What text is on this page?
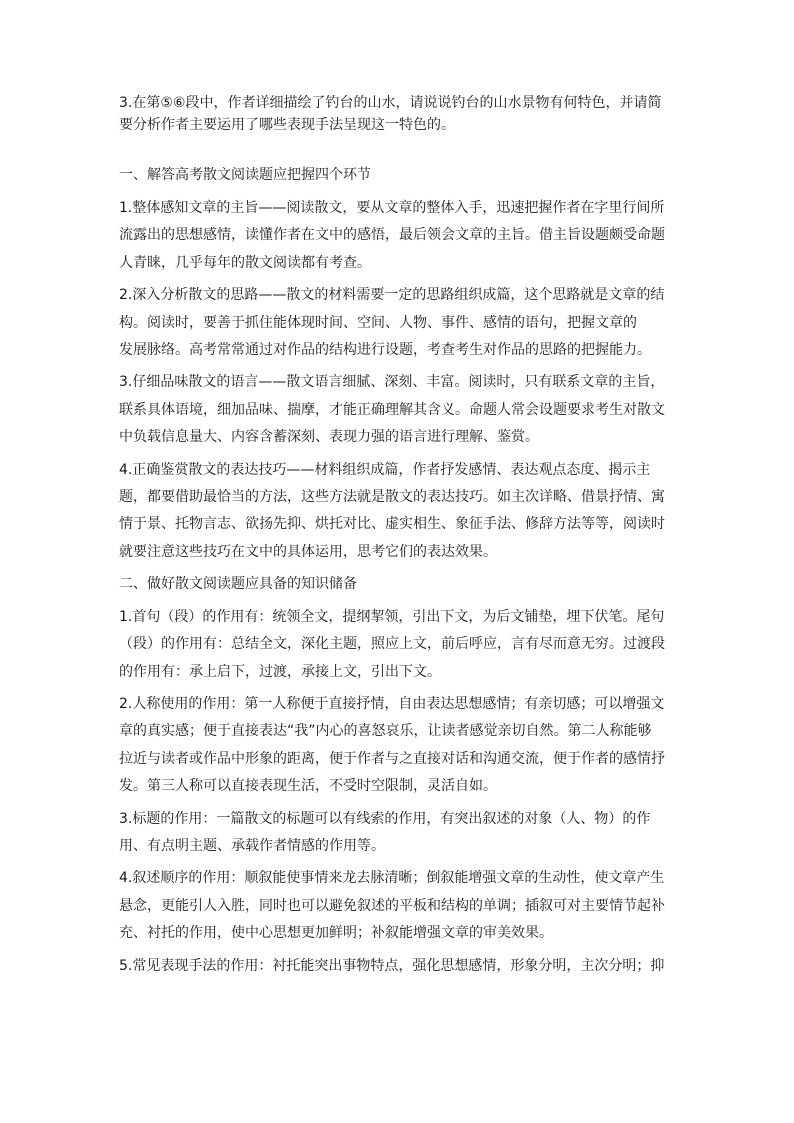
3.在第⑤⑥段中，作者详细描绘了钓台的山水，请说说钓台的山水景物有何特色，并请简
要分析作者主要运用了哪些表现手法呈现这一特色的。

一、解答高考散文阅读题应把握四个环节

1.整体感知文章的主旨——阅读散文，要从文章的整体入手，迅速把握作者在字里行间所
流露出的思想感情，读懂作者在文中的感悟，最后领会文章的主旨。借主旨设题颇受命题
人青睐，几乎每年的散文阅读都有考查。

2.深入分析散文的思路——散文的材料需要一定的思路组织成篇，这个思路就是文章的结
构。阅读时，要善于抓住能体现时间、空间、人物、事件、感情的语句，把握文章的
发展脉络。高考常常通过对作品的结构进行设题，考查考生对作品的思路的把握能力。

3.仔细品味散文的语言——散文语言细腻、深刻、丰富。阅读时，只有联系文章的主旨，
联系具体语境，细加品味、揣摩，才能正确理解其含义。命题人常会设题要求考生对散文
中负载信息量大、内容含蓄深刻、表现力强的语言进行理解、鉴赏。

4.正确鉴赏散文的表达技巧——材料组织成篇，作者抒发感情、表达观点态度、揭示主
题，都要借助最恰当的方法，这些方法就是散文的表达技巧。如主次详略、借景抒情、寓
情于景、托物言志、欲扬先抑、烘托对比、虚实相生、象征手法、修辞方法等等，阅读时
就要注意这些技巧在文中的具体运用，思考它们的表达效果。

二、做好散文阅读题应具备的知识储备

1.首句（段）的作用有：统领全文，提纲挈领，引出下文，为后文铺垫，埋下伏笔。尾句
（段）的作用有：总结全文，深化主题，照应上文，前后呼应，言有尽而意无穷。过渡段
的作用有：承上启下，过渡，承接上文，引出下文。

2.人称使用的作用：第一人称便于直接抒情，自由表达思想感情；有亲切感；可以增强文
章的真实感；便于直接表达“我”内心的喜怒哀乐，让读者感觉亲切自然。第二人称能够
拉近与读者或作品中形象的距离，便于作者与之直接对话和沟通交流，便于作者的感情抒
发。第三人称可以直接表现生活，不受时空限制，灵活自如。

3.标题的作用：一篇散文的标题可以有线索的作用，有突出叙述的对象（人、物）的作
用、有点明主题、承载作者情感的作用等。

4.叙述顺序的作用：顺叙能使事情来龙去脉清晰；倒叙能增强文章的生动性，使文章产生
悬念，更能引人入胜，同时也可以避免叙述的平板和结构的单调；插叙可对主要情节起补
充、衬托的作用，使中心思想更加鲜明；补叙能增强文章的审美效果。

5.常见表现手法的作用：衬托能突出事物特点，强化思想感情，形象分明，主次分明；抑
